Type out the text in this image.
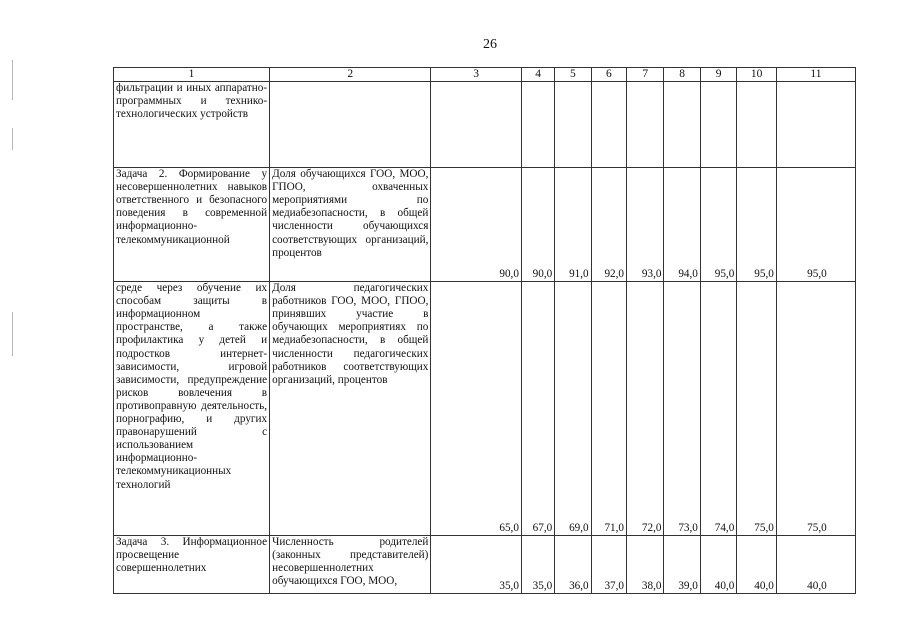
26
1	2	3	4	5	6	7	8	9	10	11
фильтрации и иных аппаратно-программных и технико-технологических устройств										
Задача 2. Формирование у несовершеннолетних навыков ответственного и безопасного поведения в современной информационно-телекоммуникационной	Доля обучающихся ГОО, МОО, ГПОО, охваченных мероприятиями по медиабезопасности, в общей численности обучающихся соответствующих организаций, процентов	90,0	90,0	91,0	92,0	93,0	94,0	95,0	95,0	95,0
среде через обучение их способам защиты в информационном пространстве, а также профилактика у детей и подростков интернет-зависимости, игровой зависимости, предупреждение рисков вовлечения в противоправную деятельность, порнографию, и других правонарушений с использованием информационно-телекоммуникационных технологий	Доля педагогических работников ГОО, МОО, ГПОО, принявших участие в обучающих мероприятиях по медиабезопасности, в общей численности педагогических работников соответствующих организаций, процентов	65,0	67,0	69,0	71,0	72,0	73,0	74,0	75,0	75,0
Задача 3. Информационное просвещение совершеннолетних	Численность родителей (законных представителей) несовершеннолетних обучающихся ГОО, МОО,	35,0	35,0	36,0	37,0	38,0	39,0	40,0	40,0	40,0
